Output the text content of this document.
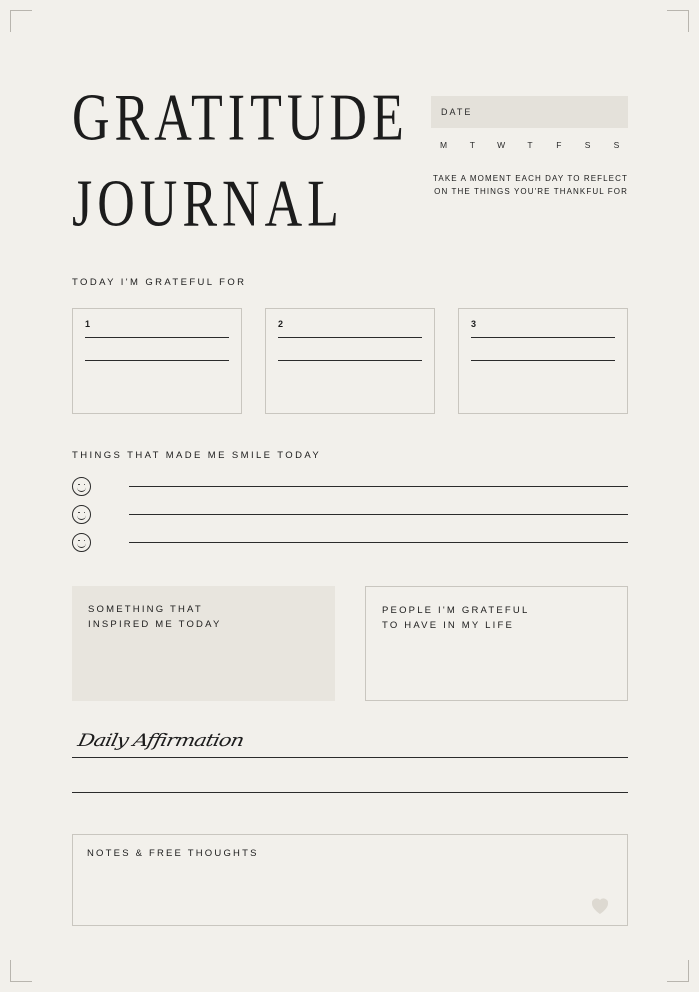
GRATITUDE
JOURNAL
DATE
M	T	W	T	F	S	S
TAKE A MOMENT EACH DAY TO REFLECT
ON THE THINGS YOU'RE THANKFUL FOR
TODAY I'M GRATEFUL FOR
1	2	3
THINGS THAT MADE ME SMILE TODAY
SOMETHING THAT
INSPIRED ME TODAY
PEOPLE I'M GRATEFUL
TO HAVE IN MY LIFE
Daily Affirmation
NOTES & FREE THOUGHTS
